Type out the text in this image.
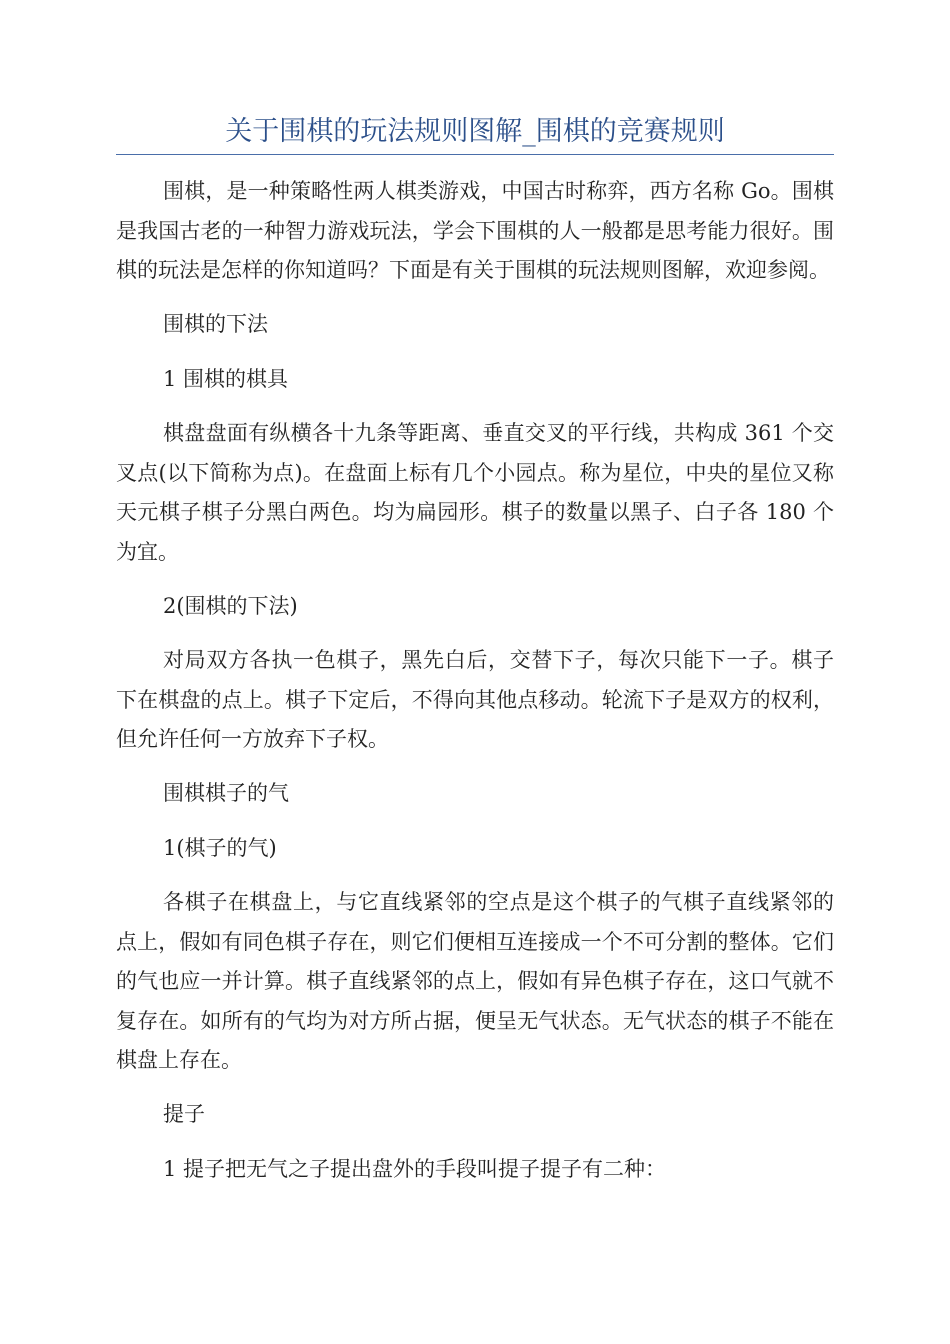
关于围棋的玩法规则图解_围棋的竞赛规则

围棋，是一种策略性两人棋类游戏，中国古时称弈，西方名称 Go。围棋是我国古老的一种智力游戏玩法，学会下围棋的人一般都是思考能力很好。围棋的玩法是怎样的你知道吗？下面是有关于围棋的玩法规则图解，欢迎参阅。

围棋的下法

1 围棋的棋具

棋盘盘面有纵横各十九条等距离、垂直交叉的平行线，共构成 361 个交叉点(以下简称为点)。在盘面上标有几个小园点。称为星位，中央的星位又称天元棋子棋子分黑白两色。均为扁园形。棋子的数量以黑子、白子各 180 个为宜。

2(围棋的下法)

对局双方各执一色棋子，黑先白后，交替下子，每次只能下一子。棋子下在棋盘的点上。棋子下定后，不得向其他点移动。轮流下子是双方的权利，但允许任何一方放弃下子权。

围棋棋子的气

1(棋子的气)

各棋子在棋盘上，与它直线紧邻的空点是这个棋子的气棋子直线紧邻的点上，假如有同色棋子存在，则它们便相互连接成一个不可分割的整体。它们的气也应一并计算。棋子直线紧邻的点上，假如有异色棋子存在，这口气就不复存在。如所有的气均为对方所占据，便呈无气状态。无气状态的棋子不能在棋盘上存在。

提子

1 提子把无气之子提出盘外的手段叫提子提子有二种：
